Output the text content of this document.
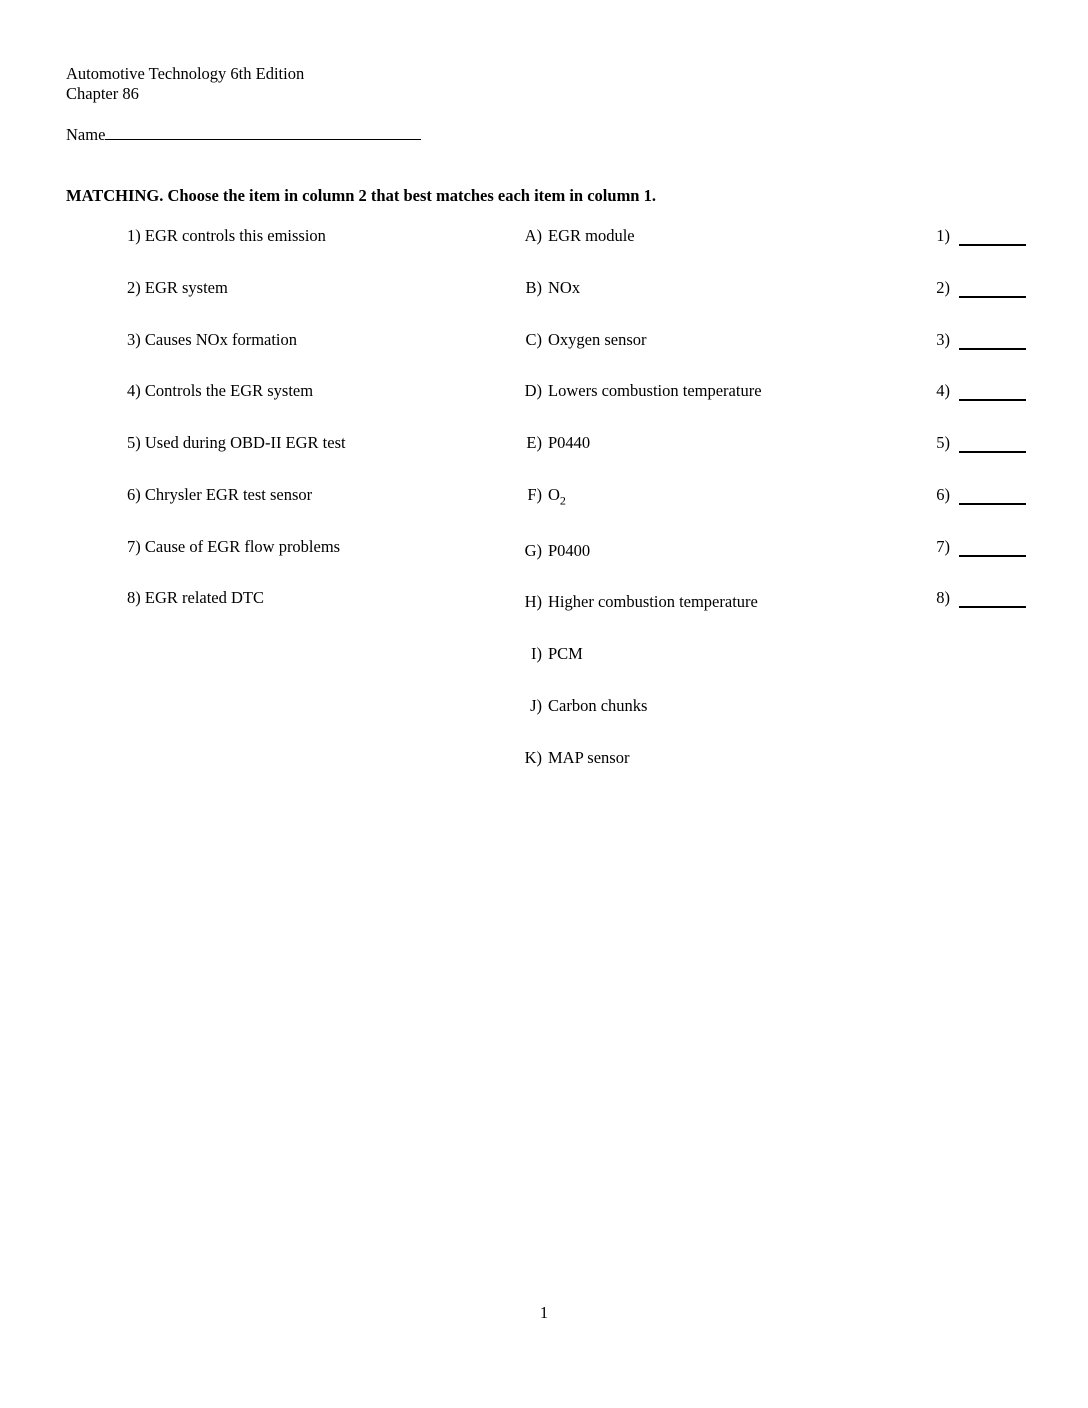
Automotive Technology 6th Edition
Chapter 86
Name
MATCHING. Choose the item in column 2 that best matches each item in column 1.
1)
EGR controls this emission
2)
EGR system
3)
Causes NOx formation
4)
Controls the EGR system
5)
Used during OBD-II EGR test
6)
Chrysler EGR test sensor
7)
Cause of EGR flow problems
8)
EGR related DTC
A) EGR module
B) NOx
C) Oxygen sensor
D) Lowers combustion temperature
E) P0440
F) $O_2$
G) P0400
H) Higher combustion temperature
I) PCM
J) Carbon chunks
K) MAP sensor
1)
2)
3)
4)
5)
6)
7)
8)
1
